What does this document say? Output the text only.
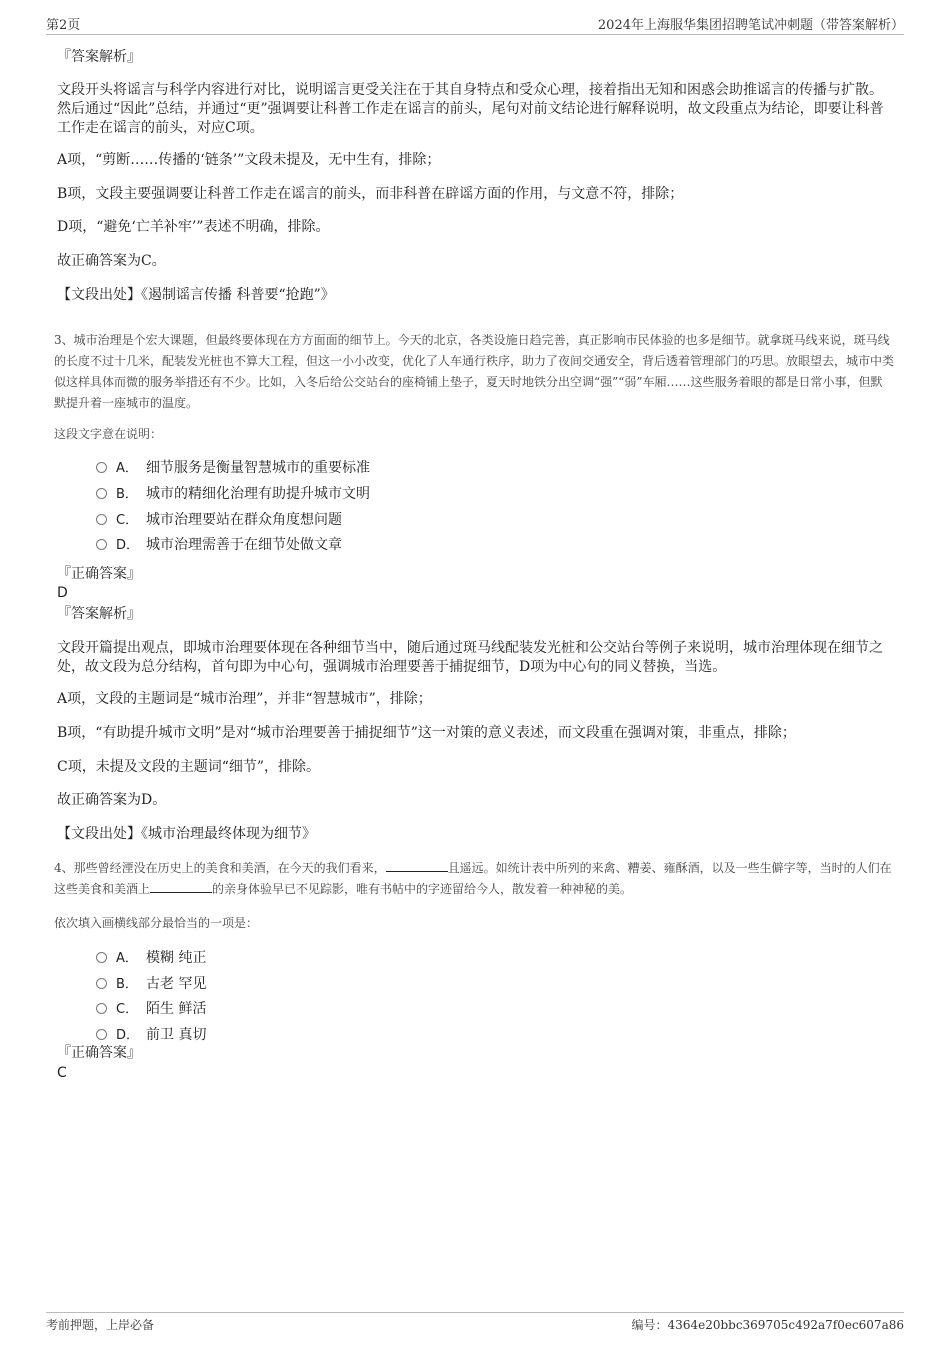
第2页	2024年上海服华集团招聘笔试冲刺题（带答案解析）
『答案解析』
文段开头将谣言与科学内容进行对比，说明谣言更受关注在于其自身特点和受众心理，接着指出无知和困惑会助推谣言的传播与扩散。然后通过“因此”总结，并通过“更”强调要让科普工作走在谣言的前头，尾句对前文结论进行解释说明，故文段重点为结论，即要让科普工作走在谣言的前头，对应C项。
A项，“剪断……传播的‘链条’”文段未提及，无中生有，排除；
B项，文段主要强调要让科普工作走在谣言的前头，而非科普在辟谣方面的作用，与文意不符，排除；
D项，“避免‘亡羊补牢’”表述不明确，排除。
故正确答案为C。
【文段出处】《遏制谣言传播 科普要“抢跑”》
3、城市治理是个宏大课题，但最终要体现在方方面面的细节上。今天的北京，各类设施日趋完善，真正影响市民体验的也多是细节。就拿斑马线来说，斑马线的长度不过十几米，配装发光桩也不算大工程，但这一小小改变，优化了人车通行秩序，助力了夜间交通安全，背后透着管理部门的巧思。放眼望去，城市中类似这样具体而微的服务举措还有不少。比如，入冬后给公交站台的座椅铺上垫子，夏天时地铁分出空调“强”“弱”车厢……这些服务着眼的都是日常小事，但默默提升着一座城市的温度。
这段文字意在说明：
A． 细节服务是衡量智慧城市的重要标准
B． 城市的精细化治理有助提升城市文明
C． 城市治理要站在群众角度想问题
D． 城市治理需善于在细节处做文章
『正确答案』
D
『答案解析』
文段开篇提出观点，即城市治理要体现在各种细节当中，随后通过斑马线配装发光桩和公交站台等例子来说明，城市治理体现在细节之处，故文段为总分结构，首句即为中心句，强调城市治理要善于捕捉细节，D项为中心句的同义替换，当选。
A项，文段的主题词是“城市治理”，并非“智慧城市”，排除；
B项，“有助提升城市文明”是对“城市治理要善于捕捉细节”这一对策的意义表述，而文段重在强调对策，非重点，排除；
C项，未提及文段的主题词“细节”，排除。
故正确答案为D。
【文段出处】《城市治理最终体现为细节》
4、那些曾经湮没在历史上的美食和美酒，在今天的我们看来，	且遥远。如统计表中所列的来禽、糟姜、雍酥酒，以及一些生僻字等，当时的人们在这些美食和美酒上	的亲身体验早已不见踪影，唯有书帖中的字迹留给今人，散发着一种神秘的美。
依次填入画横线部分最恰当的一项是：
A． 模糊 纯正
B． 古老 罕见
C． 陌生 鲜活
D． 前卫 真切
『正确答案』
C
考前押题，上岸必备	编号：4364e20bbc369705c492a7f0ec607a86
